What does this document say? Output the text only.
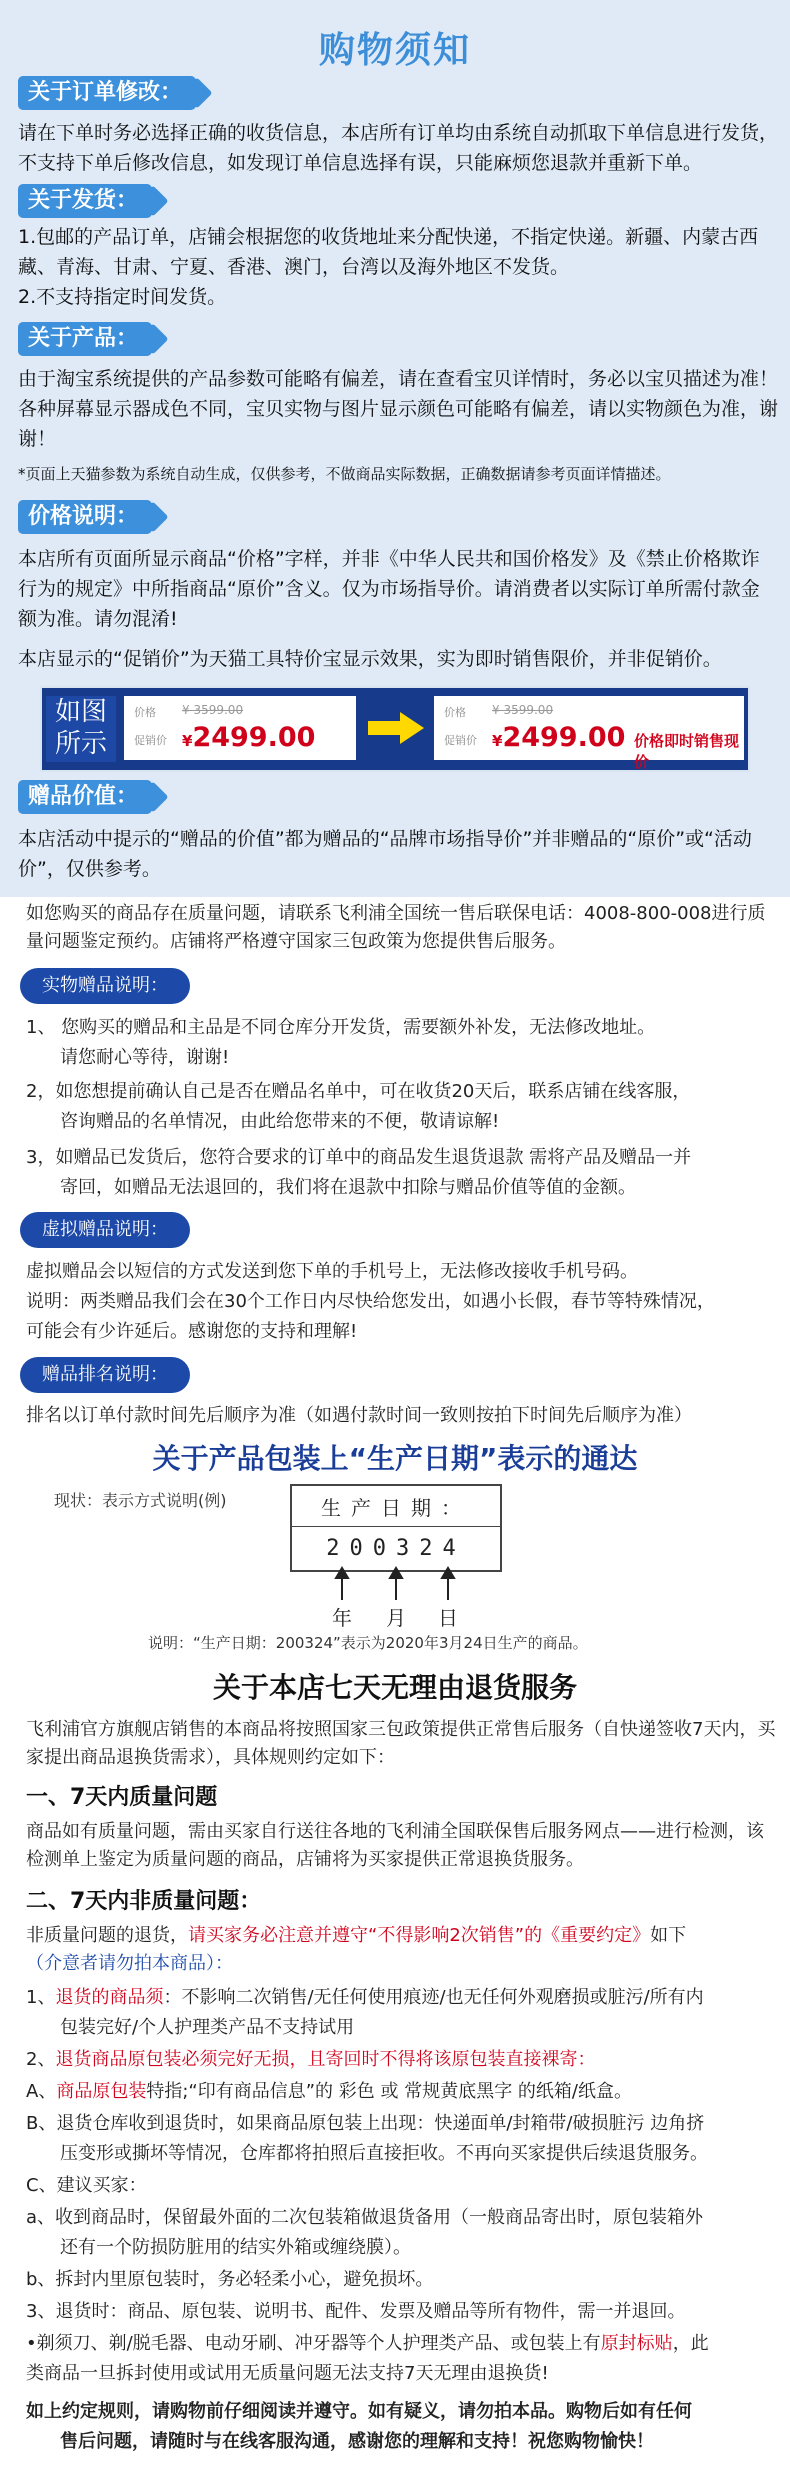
购物须知
关于订单修改：
请在下单时务必选择正确的收货信息，本店所有订单均由系统自动抓取下单信息进行发货，不支持下单后修改信息，如发现订单信息选择有误，只能麻烦您退款并重新下单。
关于发货：
1.包邮的产品订单，店铺会根据您的收货地址来分配快递，不指定快递。新疆、内蒙古西藏、青海、甘肃、宁夏、香港、澳门，台湾以及海外地区不发货。
2.不支持指定时间发货。
关于产品：
由于淘宝系统提供的产品参数可能略有偏差，请在查看宝贝详情时，务必以宝贝描述为准！各种屏幕显示器成色不同，宝贝实物与图片显示颜色可能略有偏差，请以实物颜色为准，谢谢！
*页面上天猫参数为系统自动生成，仅供参考，不做商品实际数据，正确数据请参考页面详情描述。
价格说明：
本店所有页面所显示商品“价格”字样，并非《中华人民共和国价格发》及《禁止价格欺诈行为的规定》中所指商品“原价”含义。仅为市场指导价。请消费者以实际订单所需付款金额为准。请勿混淆!
本店显示的“促销价”为天猫工具特价宝显示效果，实为即时销售限价，并非促销价。
如图所示
价格 ¥ 3599.00
促销价 ¥2499.00
价格 ¥ 3599.00
促销价 ¥2499.00 价格即时销售现价
赠品价值：
本店活动中提示的“赠品的价值”都为赠品的“品牌市场指导价”并非赠品的“原价”或“活动价”，仅供参考。
如您购买的商品存在质量问题，请联系飞利浦全国统一售后联保电话：4008-800-008进行质量问题鉴定预约。店铺将严格遵守国家三包政策为您提供售后服务。
实物赠品说明：
1、 您购买的赠品和主品是不同仓库分开发货，需要额外补发，无法修改地址。
请您耐心等待，谢谢!
2，如您想提前确认自己是否在赠品名单中，可在收货20天后，联系店铺在线客服，
咨询赠品的名单情况，由此给您带来的不便，敬请谅解!
3，如赠品已发货后，您符合要求的订单中的商品发生退货退款 需将产品及赠品一并
寄回，如赠品无法退回的，我们将在退款中扣除与赠品价值等值的金额。
虚拟赠品说明：
虚拟赠品会以短信的方式发送到您下单的手机号上，无法修改接收手机号码。
说明：两类赠品我们会在30个工作日内尽快给您发出，如遇小长假，春节等特殊情况，
可能会有少许延后。感谢您的支持和理解!
赠品排名说明：
排名以订单付款时间先后顺序为准（如遇付款时间一致则按拍下时间先后顺序为准）
关于产品包装上“生产日期”表示的通达
现状：表示方式说明(例)	生产日期：
200324
年 月 日
说明：“生产日期：200324”表示为2020年3月24日生产的商品。
关于本店七天无理由退货服务
飞利浦官方旗舰店销售的本商品将按照国家三包政策提供正常售后服务（自快递签收7天内，买家提出商品退换货需求），具体规则约定如下：
一、7天内质量问题
商品如有质量问题，需由买家自行送往各地的飞利浦全国联保售后服务网点——进行检测，该检测单上鉴定为质量问题的商品，店铺将为买家提供正常退换货服务。
二、7天内非质量问题：
非质量问题的退货，请买家务必注意并遵守“不得影响2次销售”的《重要约定》如下
（介意者请勿拍本商品）：
1、退货的商品须：不影响二次销售/无任何使用痕迹/也无任何外观磨损或脏污/所有内
包装完好/个人护理类产品不支持试用
2、退货商品原包装必须完好无损，且寄回时不得将该原包装直接裸寄：
A、商品原包装特指;“印有商品信息”的 彩色 或 常规黄底黑字 的纸箱/纸盒。
B、退货仓库收到退货时，如果商品原包装上出现：快递面单/封箱带/破损脏污 边角挤
压变形或撕坏等情况，仓库都将拍照后直接拒收。不再向买家提供后续退货服务。
C、建议买家：
a、收到商品时，保留最外面的二次包装箱做退货备用（一般商品寄出时，原包装箱外
还有一个防损防脏用的结实外箱或缠绕膜）。
b、拆封内里原包装时，务必轻柔小心，避免损坏。
3、退货时：商品、原包装、说明书、配件、发票及赠品等所有物件，需一并退回。
•剃须刀、剃/脱毛器、电动牙刷、冲牙器等个人护理类产品、或包装上有原封标贴，此
类商品一旦拆封使用或试用无质量问题无法支持7天无理由退换货!
如上约定规则，请购物前仔细阅读并遵守。如有疑义，请勿拍本品。购物后如有任何
售后问题，请随时与在线客服沟通，感谢您的理解和支持！祝您购物愉快！
